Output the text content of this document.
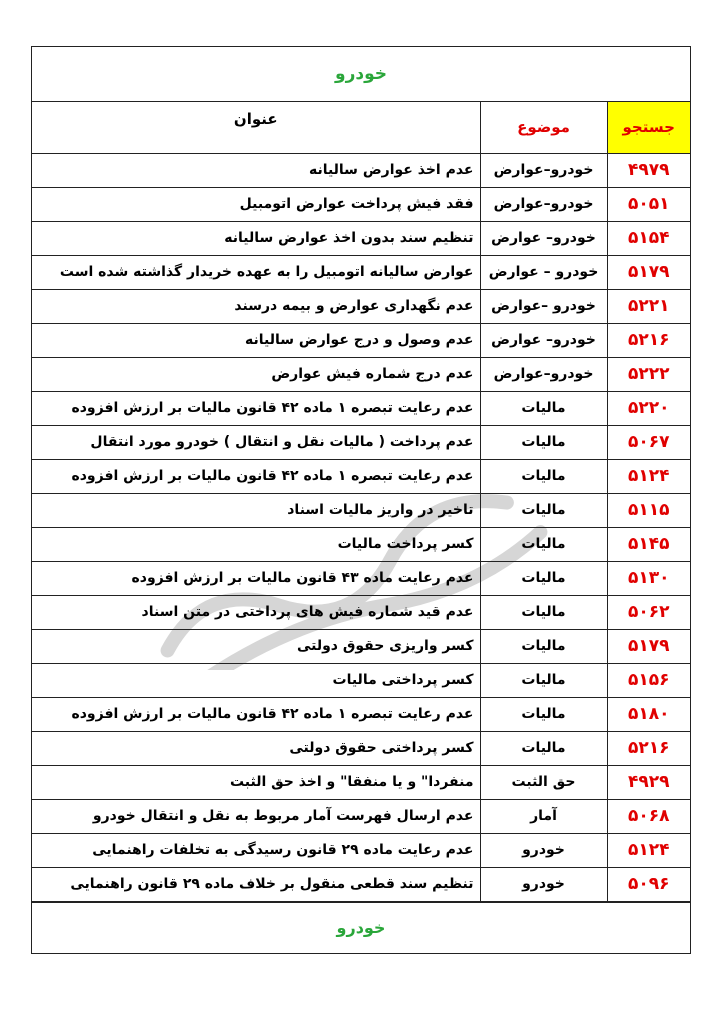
خودرو
جستجو	موضوع	عنوان
۴۹۷۹	خودرو–عوارض	عدم اخذ عوارض سالیانه
۵۰۵۱	خودرو–عوارض	فقد فیش پرداخت عوارض اتومبیل
۵۱۵۴	خودرو– عوارض	تنظیم سند بدون اخذ عوارض سالیانه
۵۱۷۹	خودرو – عوارض	عوارض سالیانه اتومبیل را به عهده خریدار گذاشته شده است
۵۲۲۱	خودرو –عوارض	عدم نگهداری عوارض و بیمه درسند
۵۲۱۶	خودرو– عوارض	عدم وصول و درج عوارض سالیانه
۵۲۲۲	خودرو–عوارض	عدم درج شماره فیش عوارض
۵۲۲۰	مالیات	عدم رعایت تبصره ۱ ماده ۴۲ قانون مالیات بر ارزش افزوده
۵۰۶۷	مالیات	عدم پرداخت ( مالیات نقل و انتقال ) خودرو مورد انتقال
۵۱۲۴	مالیات	عدم رعایت تبصره ۱ ماده ۴۲ قانون مالیات بر ارزش افزوده
۵۱۱۵	مالیات	تاخیر در واریز مالیات اسناد
۵۱۴۵	مالیات	کسر پرداخت مالیات
۵۱۳۰	مالیات	عدم رعایت ماده ۴۳ قانون مالیات بر ارزش افزوده
۵۰۶۲	مالیات	عدم قید شماره فیش های پرداختی در متن اسناد
۵۱۷۹	مالیات	کسر واریزی حقوق دولتی
۵۱۵۶	مالیات	کسر پرداختی مالیات
۵۱۸۰	مالیات	عدم رعایت تبصره ۱ ماده ۴۲ قانون مالیات بر ارزش افزوده
۵۲۱۶	مالیات	کسر پرداختی حقوق دولتی
۴۹۲۹	حق الثبت	منفردا" و یا منفقا" و اخذ حق الثبت
۵۰۶۸	آمار	عدم ارسال فهرست آمار مربوط به نقل و انتقال خودرو
۵۱۲۴	خودرو	عدم رعایت ماده ۲۹ قانون رسیدگی به تخلفات راهنمایی
۵۰۹۶	خودرو	تنظیم سند قطعی منقول بر خلاف ماده ۲۹ قانون راهنمایی
خودرو
